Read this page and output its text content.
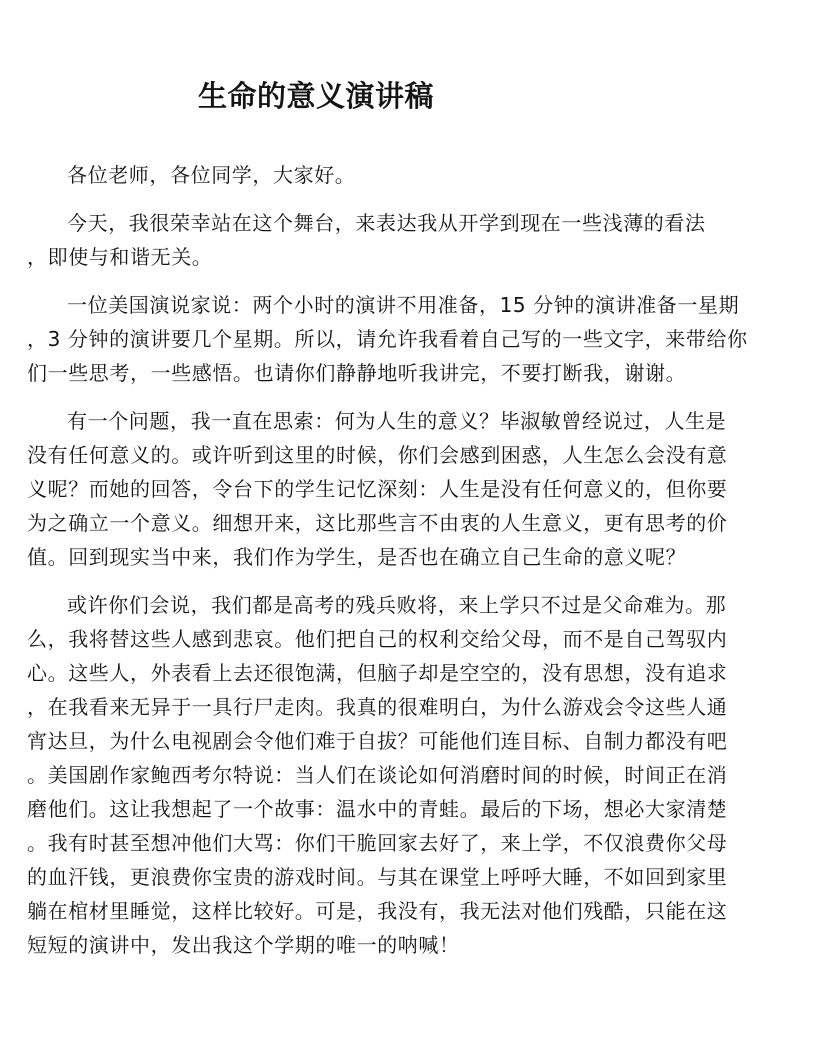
生命的意义演讲稿

各位老师，各位同学，大家好。

今天，我很荣幸站在这个舞台，来表达我从开学到现在一些浅薄的看法
，即使与和谐无关。

一位美国演说家说：两个小时的演讲不用准备，15 分钟的演讲准备一星期
，3 分钟的演讲要几个星期。所以，请允许我看着自己写的一些文字，来带给你
们一些思考，一些感悟。也请你们静静地听我讲完，不要打断我，谢谢。

有一个问题，我一直在思索：何为人生的意义？毕淑敏曾经说过，人生是
没有任何意义的。或许听到这里的时候，你们会感到困惑，人生怎么会没有意
义呢？而她的回答，令台下的学生记忆深刻：人生是没有任何意义的，但你要
为之确立一个意义。细想开来，这比那些言不由衷的人生意义，更有思考的价
值。回到现实当中来，我们作为学生，是否也在确立自己生命的意义呢？

或许你们会说，我们都是高考的残兵败将，来上学只不过是父命难为。那
么，我将替这些人感到悲哀。他们把自己的权利交给父母，而不是自己驾驭内
心。这些人，外表看上去还很饱满，但脑子却是空空的，没有思想，没有追求
，在我看来无异于一具行尸走肉。我真的很难明白，为什么游戏会令这些人通
宵达旦，为什么电视剧会令他们难于自拔？可能他们连目标、自制力都没有吧
。美国剧作家鲍西考尔特说：当人们在谈论如何消磨时间的时候，时间正在消
磨他们。这让我想起了一个故事：温水中的青蛙。最后的下场，想必大家清楚
。我有时甚至想冲他们大骂：你们干脆回家去好了，来上学，不仅浪费你父母
的血汗钱，更浪费你宝贵的游戏时间。与其在课堂上呼呼大睡，不如回到家里
躺在棺材里睡觉，这样比较好。可是，我没有，我无法对他们残酷，只能在这
短短的演讲中，发出我这个学期的唯一的呐喊！
